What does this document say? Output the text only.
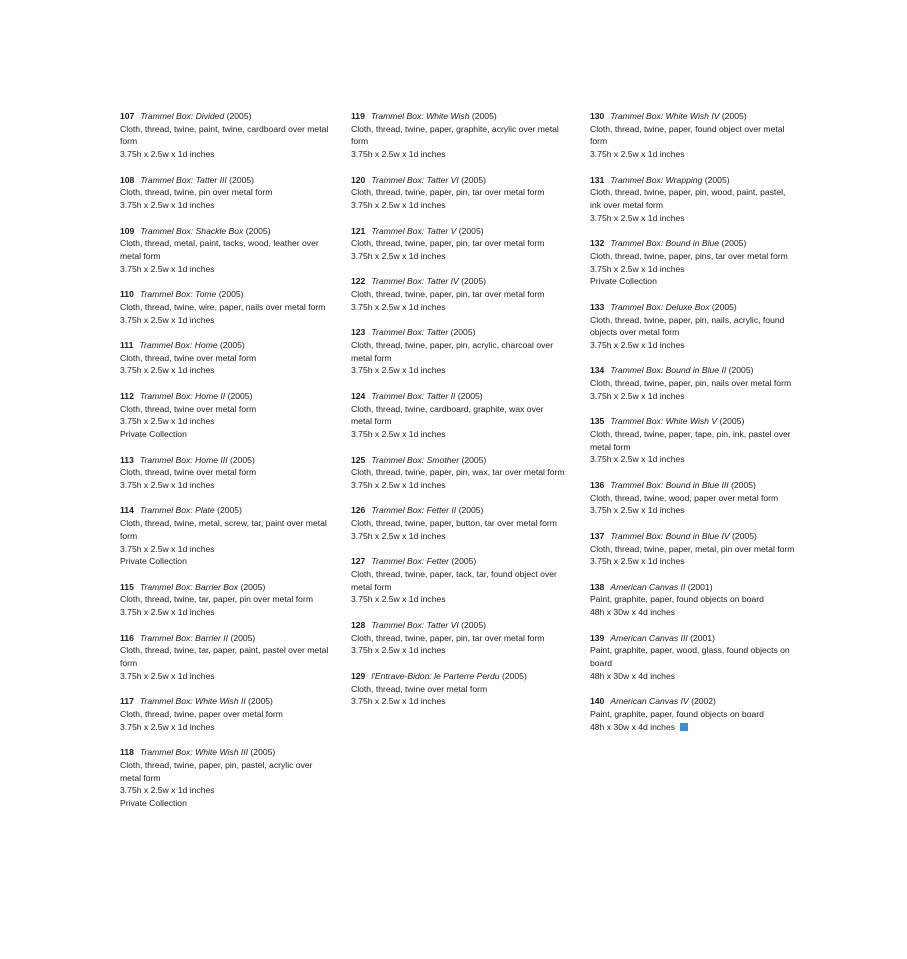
107 Trammel Box: Divided (2005)
Cloth, thread, twine, paint, twine, cardboard over metal form
3.75h x 2.5w x 1d inches
108 Trammel Box: Tatter III (2005)
Cloth, thread, twine, pin over metal form
3.75h x 2.5w x 1d inches
109 Trammel Box: Shackle Box (2005)
Cloth, thread, metal, paint, tacks, wood, leather over metal form
3.75h x 2.5w x 1d inches
110 Trammel Box: Tome (2005)
Cloth, thread, twine, wire, paper, nails over metal form
3.75h x 2.5w x 1d inches
111 Trammel Box: Home (2005)
Cloth, thread, twine over metal form
3.75h x 2.5w x 1d inches
112 Trammel Box: Home II (2005)
Cloth, thread, twine over metal form
3.75h x 2.5w x 1d inches
Private Collection
113 Trammel Box: Home III (2005)
Cloth, thread, twine over metal form
3.75h x 2.5w x 1d inches
114 Trammel Box: Plate (2005)
Cloth, thread, twine, metal, screw, tar, paint over metal form
3.75h x 2.5w x 1d inches
Private Collection
115 Trammel Box: Barrier Box (2005)
Cloth, thread, twine, tar, paper, pin over metal form
3.75h x 2.5w x 1d inches
116 Trammel Box: Barrier II (2005)
Cloth, thread, twine, tar, paper, paint, pastel over metal form
3.75h x 2.5w x 1d inches
117 Trammel Box: White Wish II (2005)
Cloth, thread, twine, paper over metal form
3.75h x 2.5w x 1d inches
118 Trammel Box: White Wish III (2005)
Cloth, thread, twine, paper, pin, pastel, acrylic over metal form
3.75h x 2.5w x 1d inches
Private Collection
119 Trammel Box: White Wish (2005)
Cloth, thread, twine, paper, graphite, acrylic over metal form
3.75h x 2.5w x 1d inches
120 Trammel Box: Tatter VI (2005)
Cloth, thread, twine, paper, pin, tar over metal form
3.75h x 2.5w x 1d inches
121 Trammel Box: Tatter V (2005)
Cloth, thread, twine, paper, pin, tar over metal form
3.75h x 2.5w x 1d inches
122 Trammel Box: Tatter IV (2005)
Cloth, thread, twine, paper, pin, tar over metal form
3.75h x 2.5w x 1d inches
123 Trammel Box: Tatter (2005)
Cloth, thread, twine, paper, pin, acrylic, charcoal over metal form
3.75h x 2.5w x 1d inches
124 Trammel Box: Tatter II (2005)
Cloth, thread, twine, cardboard, graphite, wax over metal form
3.75h x 2.5w x 1d inches
125 Trammel Box: Smother (2005)
Cloth, thread, twine, paper, pin, wax, tar over metal form
3.75h x 2.5w x 1d inches
126 Trammel Box: Fetter II (2005)
Cloth, thread, twine, paper, button, tar over metal form
3.75h x 2.5w x 1d inches
127 Trammel Box: Fetter (2005)
Cloth, thread, twine, paper, tack, tar, found object over metal form
3.75h x 2.5w x 1d inches
128 Trammel Box: Tatter VI (2005)
Cloth, thread, twine, paper, pin, tar over metal form
3.75h x 2.5w x 1d inches
129 l'Entrave-Bidon: le Parterre Perdu (2005)
Cloth, thread, twine over metal form
3.75h x 2.5w x 1d inches
130 Trammel Box: White Wish IV (2005)
Cloth, thread, twine, paper, found object over metal form
3.75h x 2.5w x 1d inches
131 Trammel Box: Wrapping (2005)
Cloth, thread, twine, paper, pin, wood, paint, pastel, ink over metal form
3.75h x 2.5w x 1d inches
132 Trammel Box: Bound in Blue (2005)
Cloth, thread, twine, paper, pins, tar over metal form
3.75h x 2.5w x 1d inches
Private Collection
133 Trammel Box: Deluxe Box (2005)
Cloth, thread, twine, paper, pin, nails, acrylic, found objects over metal form
3.75h x 2.5w x 1d inches
134 Trammel Box: Bound in Blue II (2005)
Cloth, thread, twine, paper, pin, nails over metal form
3.75h x 2.5w x 1d inches
135 Trammel Box: White Wish V (2005)
Cloth, thread, twine, paper, tape, pin, ink, pastel over metal form
3.75h x 2.5w x 1d inches
136 Trammel Box: Bound in Blue III (2005)
Cloth, thread, twine, wood, paper over metal form
3.75h x 2.5w x 1d inches
137 Trammel Box: Bound in Blue IV (2005)
Cloth, thread, twine, paper, metal, pin over metal form
3.75h x 2.5w x 1d inches
138 American Canvas II (2001)
Paint, graphite, paper, found objects on board
48h x 30w x 4d inches
139 American Canvas III (2001)
Paint, graphite, paper, wood, glass, found objects on board
48h x 30w x 4d inches
140 American Canvas IV (2002)
Paint, graphite, paper, found objects on board
48h x 30w x 4d inches
